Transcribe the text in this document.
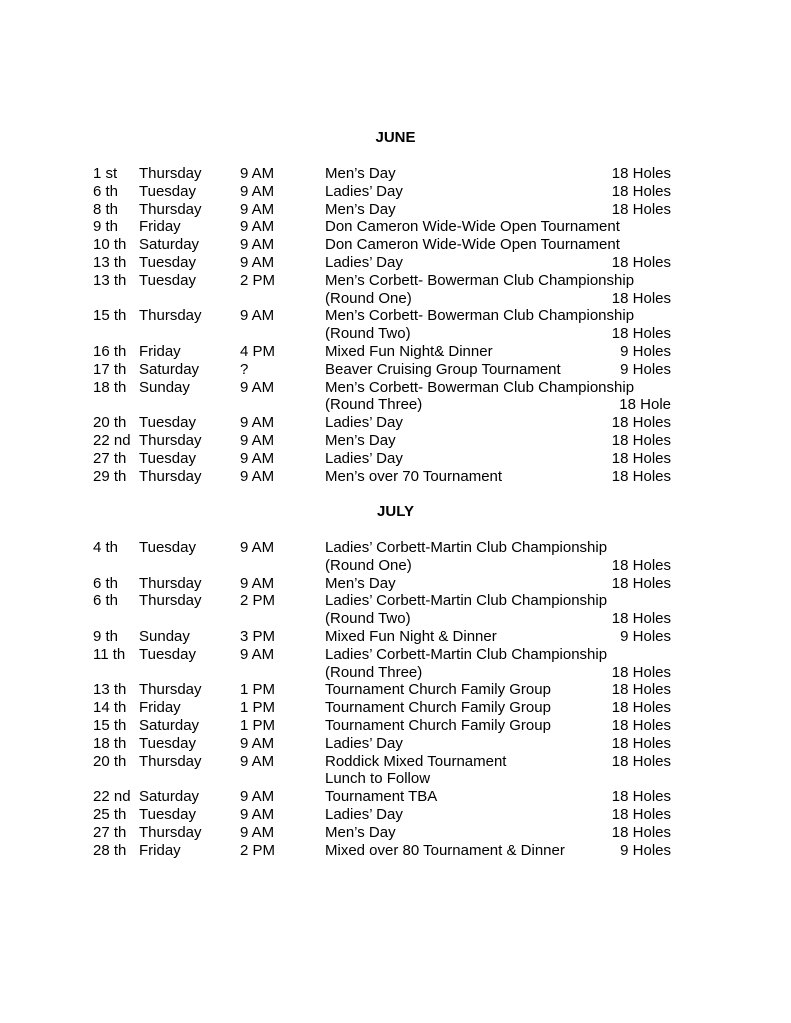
JUNE
1 st Thursday	9 AM	Men’s Day	18 Holes
6 th Tuesday	9 AM	Ladies’ Day	18 Holes
8 th Thursday	9 AM	Men’s Day	18 Holes
9 th Friday	9 AM	Don Cameron Wide-Wide Open Tournament
10 th Saturday	9 AM	Don Cameron Wide-Wide Open Tournament
13 th Tuesday	9 AM	Ladies’ Day	18 Holes
13 th Tuesday	2 PM	Men’s Corbett- Bowerman Club Championship
(Round One)	18 Holes
15 th Thursday	9 AM	Men’s Corbett- Bowerman Club Championship
(Round Two)	18 Holes
16 th Friday	4 PM	Mixed Fun Night& Dinner	9 Holes
17 th Saturday	?	Beaver Cruising Group Tournament	9 Holes
18 th Sunday	9 AM	Men’s Corbett- Bowerman Club Championship
(Round Three)	18 Hole
20 th Tuesday	9 AM	Ladies’ Day	18 Holes
22 nd Thursday	9 AM	Men’s Day	18 Holes
27 th Tuesday	9 AM	Ladies’ Day	18 Holes
29 th Thursday	9 AM	Men’s over 70 Tournament	18 Holes
JULY
4 th Tuesday	9 AM	Ladies’ Corbett-Martin Club Championship
(Round One)	18 Holes
6 th Thursday	9 AM	Men’s Day	18 Holes
6 th Thursday	2 PM	Ladies’ Corbett-Martin Club Championship
(Round Two)	18 Holes
9 th Sunday	3 PM	Mixed Fun Night & Dinner	9 Holes
11 th Tuesday	9 AM	Ladies’ Corbett-Martin Club Championship
(Round Three)	18 Holes
13 th Thursday	1 PM	Tournament Church Family Group	18 Holes
14 th Friday	1 PM	Tournament Church Family Group	18 Holes
15 th Saturday	1 PM	Tournament Church Family Group	18 Holes
18 th Tuesday	9 AM	Ladies’ Day	18 Holes
20 th Thursday	9 AM	Roddick Mixed Tournament	18 Holes
Lunch to Follow
22 nd Saturday	9 AM	Tournament TBA	18 Holes
25 th Tuesday	9 AM	Ladies’ Day	18 Holes
27 th Thursday	9 AM	Men’s Day	18 Holes
28 th Friday	2 PM	Mixed over 80 Tournament & Dinner	9 Holes
